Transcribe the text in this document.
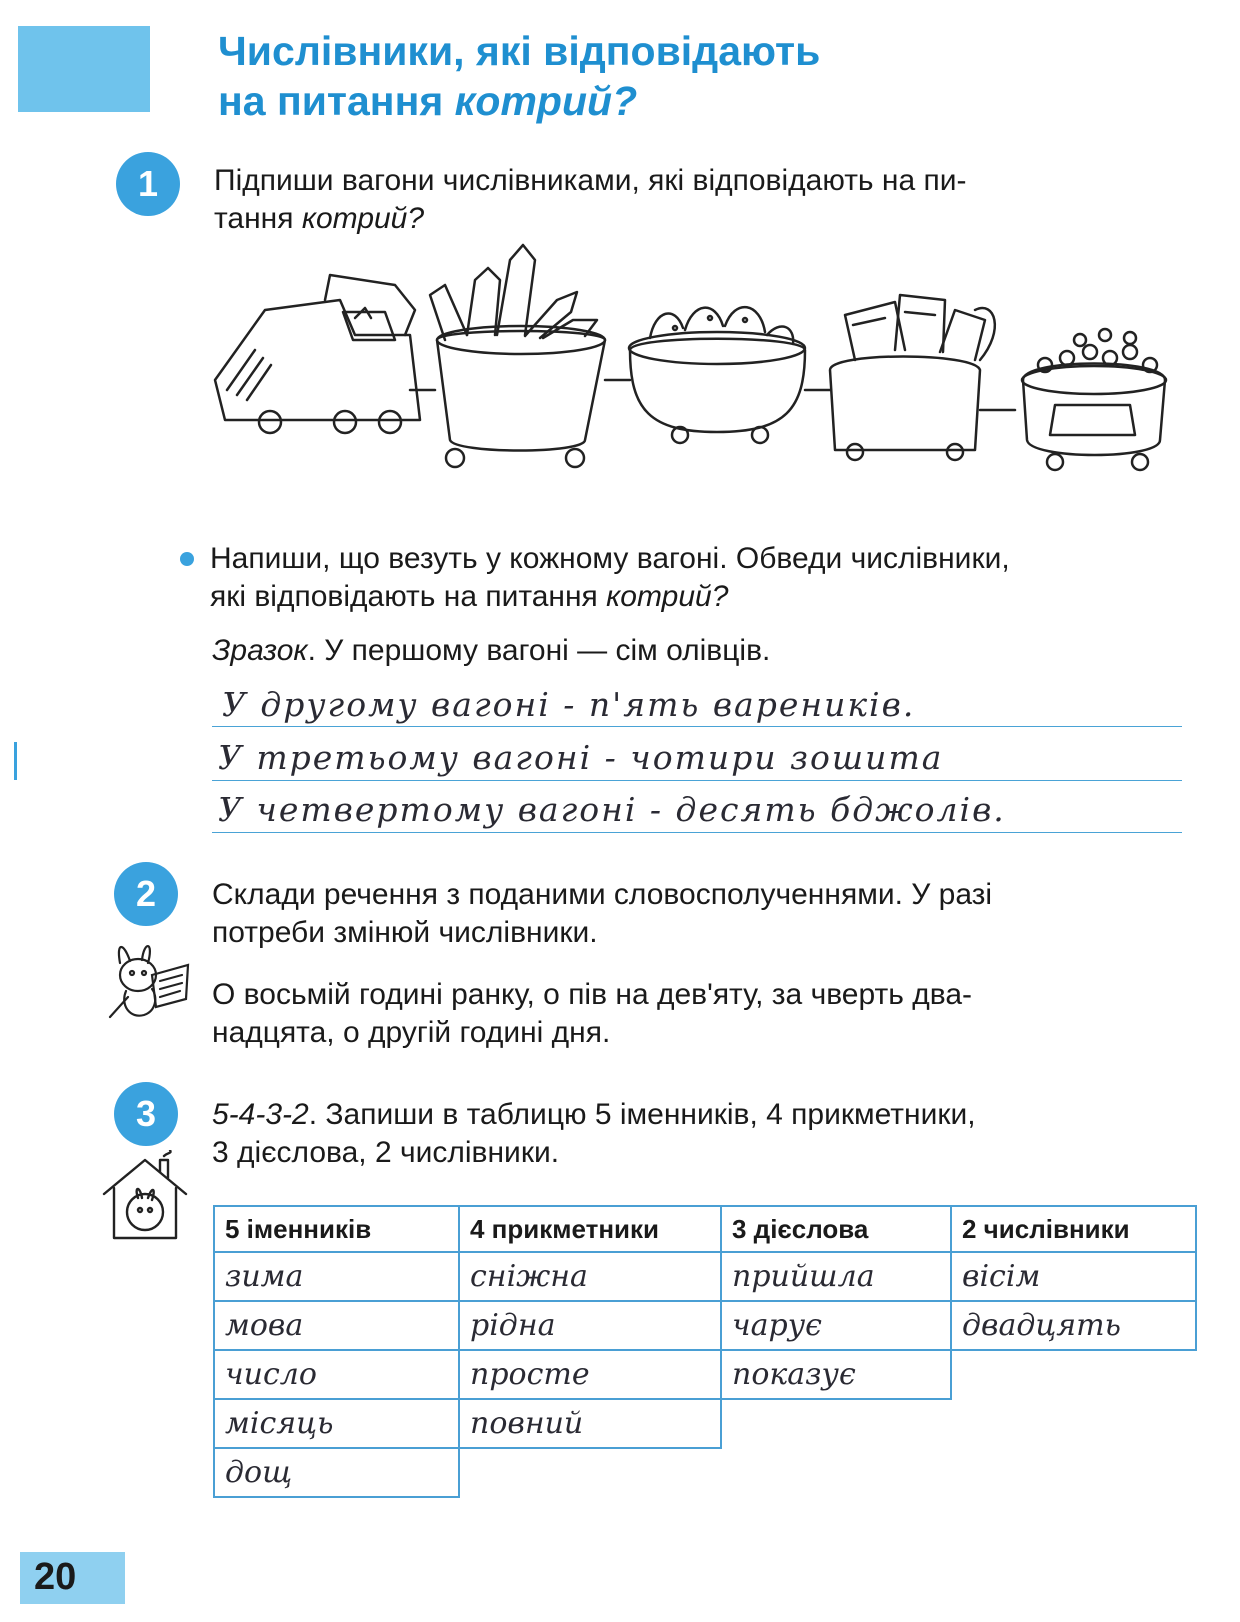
Числівники, які відповідають
на питання котрий?
1	Підпиши вагони числівниками, які відповідають на пи-
тання котрий?
Напиши, що везуть у кожному вагоні. Обведи числівники,
які відповідають на питання котрий?
Зразок. У першому вагоні — сім олівців.
У другому вагоні - п'ять вареників.
У третьому вагоні - чотири зошита
У четвертому вагоні - десять бджолів.
2	Склади речення з поданими словосполученнями. У разі
потреби змінюй числівники.
О восьмій годині ранку, о пів на дев'яту, за чверть два-
надцята, о другій годині дня.
3	5-4-3-2. Запиши в таблицю 5 іменників, 4 прикметники,
3 дієслова, 2 числівники.
5 іменників	4 прикметники	3 дієслова	2 числівники
зима	сніжна	прийшла	вісім
мова	рідна	чарує	двадцять
число	просте	показує	
місяць	повний		
дощ			
20
